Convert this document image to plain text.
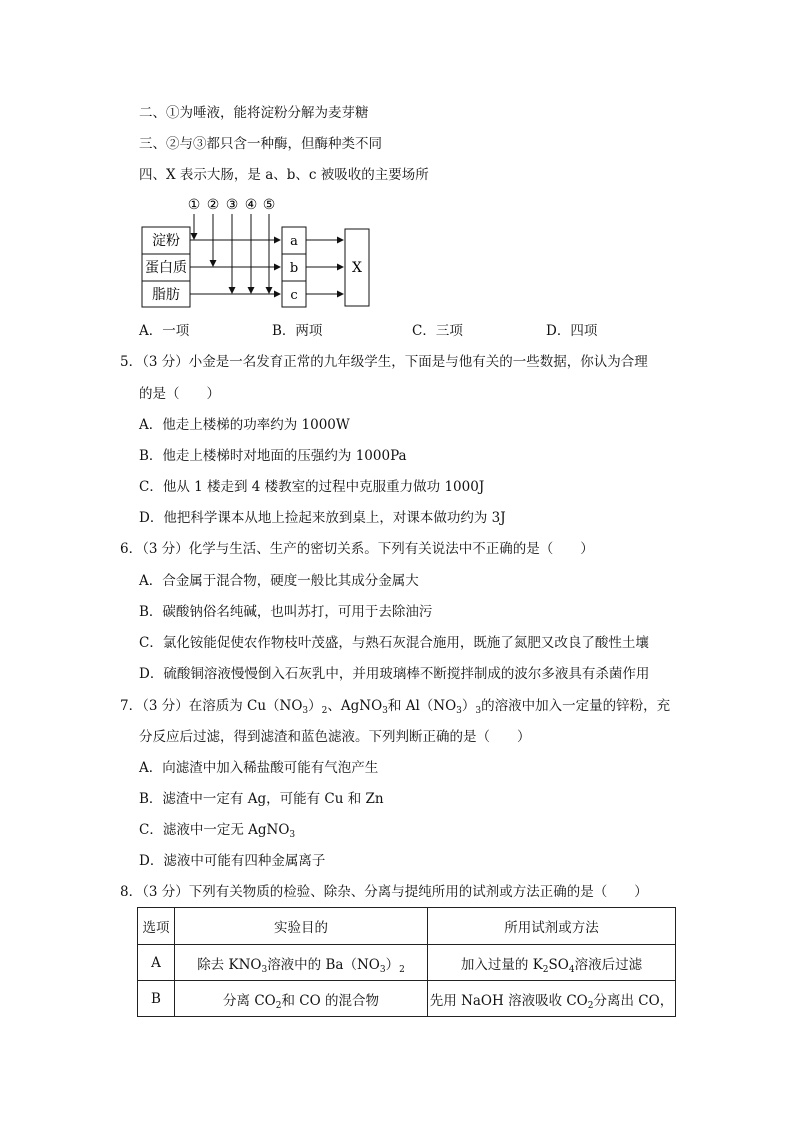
二、①为唾液，能将淀粉分解为麦芽糖
三、②与③都只含一种酶，但酶种类不同
四、X 表示大肠，是 a、b、c 被吸收的主要场所
淀粉
蛋白质
脂肪
a
b
c
X
① ② ③ ④ ⑤
A．一项	B．两项	C．三项	D．四项
5．（3 分）小金是一名发育正常的九年级学生，下面是与他有关的一些数据，你认为合理
的是（　　）
A．他走上楼梯的功率约为 1000W
B．他走上楼梯时对地面的压强约为 1000Pa
C．他从 1 楼走到 4 楼教室的过程中克服重力做功 1000J
D．他把科学课本从地上捡起来放到桌上，对课本做功约为 3J
6．（3 分）化学与生活、生产的密切关系。下列有关说法中不正确的是（　　）
A．合金属于混合物，硬度一般比其成分金属大
B．碳酸钠俗名纯碱，也叫苏打，可用于去除油污
C．氯化铵能促使农作物枝叶茂盛，与熟石灰混合施用，既施了氮肥又改良了酸性土壤
D．硫酸铜溶液慢慢倒入石灰乳中，并用玻璃棒不断搅拌制成的波尔多液具有杀菌作用
7．（3 分）在溶质为 $Cu(NO_3)_2$、AgNO$_3$和 $Al(NO_3)_3$的溶液中加入一定量的锌粉，充
分反应后过滤，得到滤渣和蓝色滤液。下列判断正确的是（　　）
A．向滤渣中加入稀盐酸可能有气泡产生
B．滤渣中一定有 Ag，可能有 Cu 和 Zn
C．滤液中一定无 AgNO$_3$
D．滤液中可能有四种金属离子
8．（3 分）下列有关物质的检验、除杂、分离与提纯所用的试剂或方法正确的是（　　）
选项	实验目的	所用试剂或方法
A	除去 $KNO_3$溶液中的 $Ba(NO_3)_2$	加入过量的 $K_2SO_4$溶液后过滤
B	分离 $CO_2$和 CO 的混合物	先用 NaOH 溶液吸收 $CO_2$分离出 CO，
